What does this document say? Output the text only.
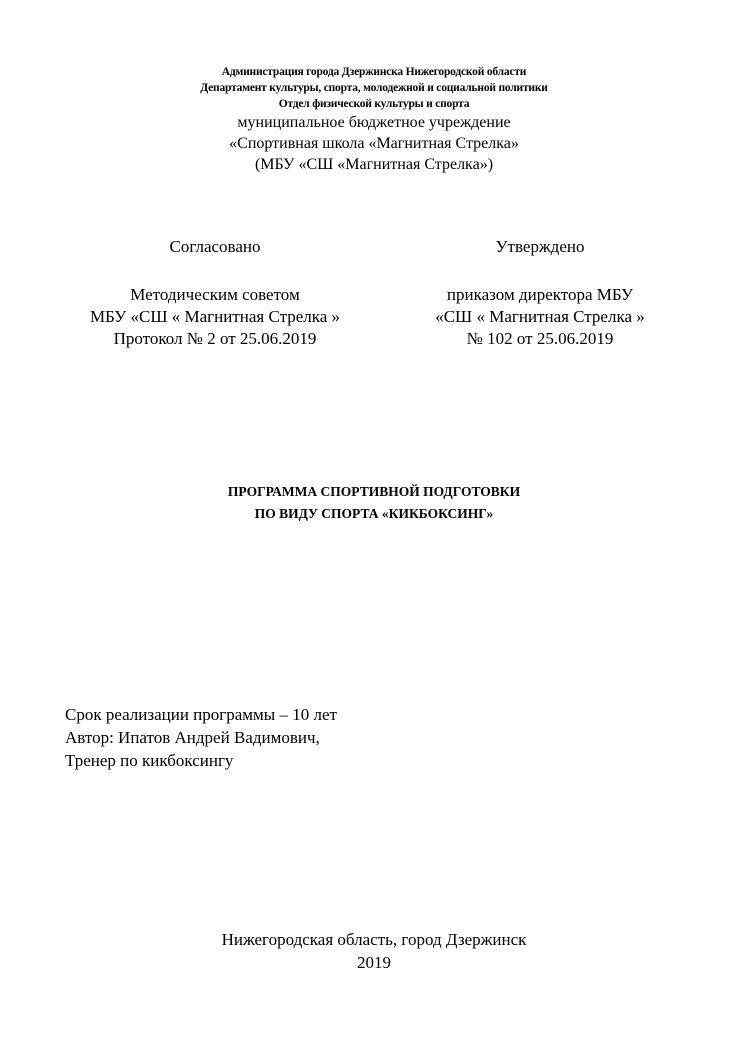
Администрация города Дзержинска Нижегородской области
Департамент культуры, спорта, молодежной и социальной политики
Отдел физической культуры и спорта
муниципальное бюджетное учреждение
«Спортивная школа «Магнитная Стрелка»
(МБУ «СШ «Магнитная Стрелка»)
Согласовано
Методическим советом
МБУ «СШ « Магнитная Стрелка »
Протокол № 2 от 25.06.2019
Утверждено
приказом директора МБУ
«СШ « Магнитная Стрелка »
№ 102 от 25.06.2019
ПРОГРАММА СПОРТИВНОЙ ПОДГОТОВКИ
ПО ВИДУ СПОРТА «КИКБОКСИНГ»
Срок реализации программы – 10 лет
Автор: Ипатов Андрей Вадимович,
Тренер по кикбоксингу
Нижегородская область, город Дзержинск
2019
